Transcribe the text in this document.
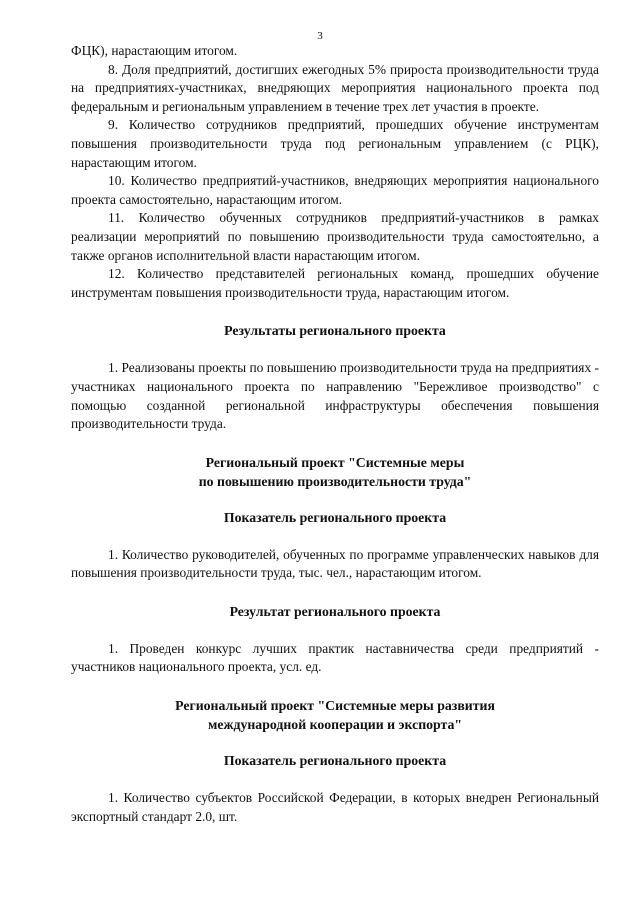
3

ФЦК), нарастающим итогом.

8. Доля предприятий, достигших ежегодных 5% прироста производительности труда на предприятиях-участниках, внедряющих мероприятия национального проекта под федеральным и региональным управлением в течение трех лет участия в проекте.

9. Количество сотрудников предприятий, прошедших обучение инструментам повышения производительности труда под региональным управлением (с РЦК), нарастающим итогом.

10. Количество предприятий-участников, внедряющих мероприятия национального проекта самостоятельно, нарастающим итогом.

11. Количество обученных сотрудников предприятий-участников в рамках реализации мероприятий по повышению производительности труда самостоятельно, а также органов исполнительной власти нарастающим итогом.

12. Количество представителей региональных команд, прошедших обучение инструментам повышения производительности труда, нарастающим итогом.

Результаты регионального проекта

1. Реализованы проекты по повышению производительности труда на предприятиях - участниках национального проекта по направлению "Бережливое производство" с помощью созданной региональной инфраструктуры обеспечения повышения производительности труда.

Региональный проект "Системные меры

по повышению производительности труда"

Показатель регионального проекта

1. Количество руководителей, обученных по программе управленческих навыков для повышения производительности труда, тыс. чел., нарастающим итогом.

Результат регионального проекта

1. Проведен конкурс лучших практик наставничества среди предприятий - участников национального проекта, усл. ед.

Региональный проект "Системные меры развития

международной кооперации и экспорта"

Показатель регионального проекта

1. Количество субъектов Российской Федерации, в которых внедрен Региональный экспортный стандарт 2.0, шт.
